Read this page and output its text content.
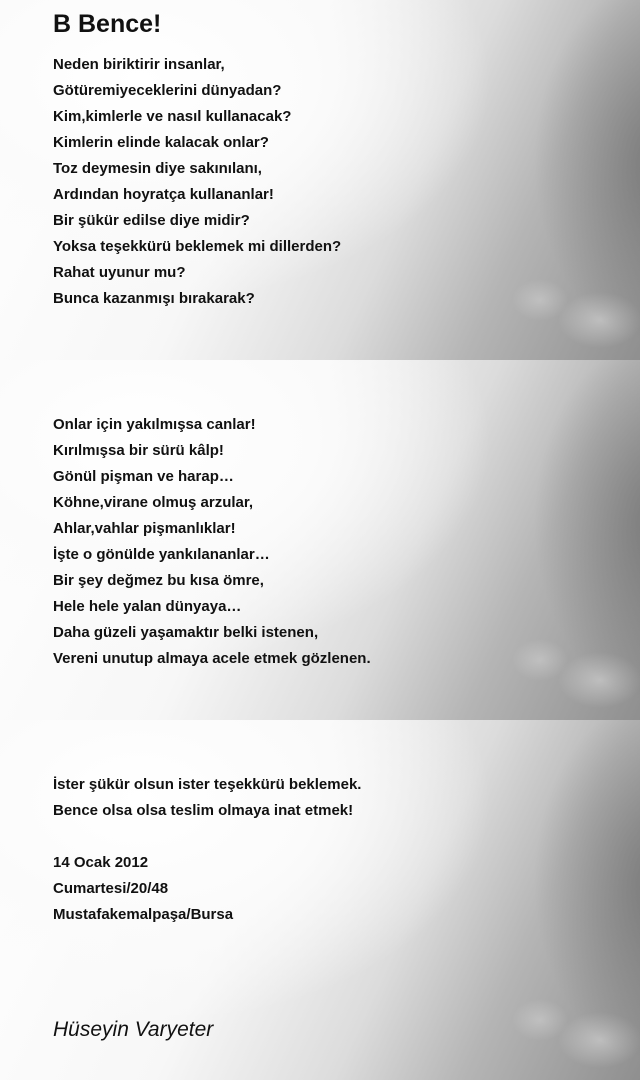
B Bence!
Neden biriktirir insanlar,
Götüremiyeceklerini dünyadan?
Kim,kimlerle ve nasıl kullanacak?
Kimlerin elinde kalacak onlar?
Toz deymesin diye sakınılanı,
Ardından hoyratça kullananlar!
Bir şükür edilse diye midir?
Yoksa teşekkürü beklemek mi dillerden?
Rahat uyunur mu?
Bunca kazanmışı bırakarak?
Onlar için yakılmışsa canlar!
Kırılmışsa bir sürü kâlp!
Gönül pişman ve harap…
Köhne,virane olmuş arzular,
Ahlar,vahlar pişmanlıklar!
İşte o gönülde yankılananlar…
Bir şey değmez bu kısa ömre,
Hele hele yalan dünyaya…
Daha güzeli yaşamaktır belki istenen,
Vereni unutup almaya acele etmek gözlenen.
İster şükür olsun ister teşekkürü beklemek.
Bence olsa olsa teslim olmaya inat etmek!
14 Ocak 2012
Cumartesi/20/48
Mustafakemalpaşa/Bursa
Hüseyin Varyeter
